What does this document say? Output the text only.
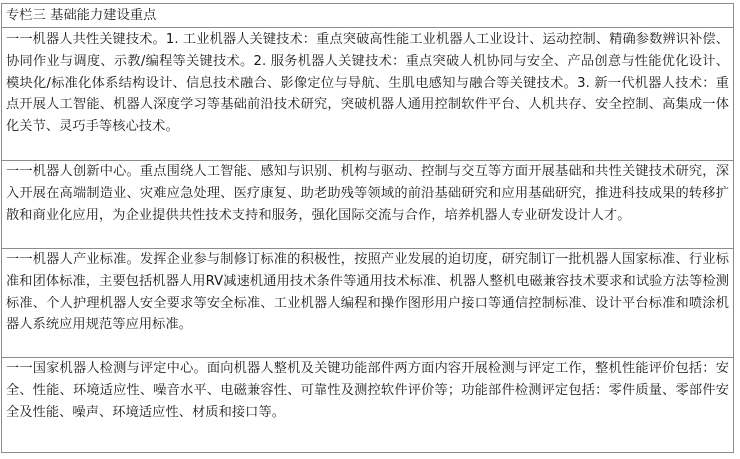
专栏三 基础能力建设重点
一一机器人共性关键技术。1. 工业机器人关键技术：重点突破高性能工业机器人工业设计、运动控制、精确参数辨识补偿、协同作业与调度、示教/编程等关键技术。2. 服务机器人关键技术：重点突破人机协同与安全、产品创意与性能优化设计、模块化/标准化体系结构设计、信息技术融合、影像定位与导航、生肌电感知与融合等关键技术。3. 新一代机器人技术：重点开展人工智能、机器人深度学习等基础前沿技术研究，突破机器人通用控制软件平台、人机共存、安全控制、高集成一体化关节、灵巧手等核心技术。
一一机器人创新中心。重点围绕人工智能、感知与识别、机构与驱动、控制与交互等方面开展基础和共性关键技术研究，深入开展在高端制造业、灾难应急处理、医疗康复、助老助残等领域的前沿基础研究和应用基础研究，推进科技成果的转移扩散和商业化应用，为企业提供共性技术支持和服务，强化国际交流与合作，培养机器人专业研发设计人才。
一一机器人产业标准。发挥企业参与制修订标准的积极性，按照产业发展的迫切度，研究制订一批机器人国家标准、行业标准和团体标准，主要包括机器人用RV减速机通用技术条件等通用技术标准、机器人整机电磁兼容技术要求和试验方法等检测标准、个人护理机器人安全要求等安全标准、工业机器人编程和操作图形用户接口等通信控制标准、设计平台标准和喷涂机器人系统应用规范等应用标准。
一一国家机器人检测与评定中心。面向机器人整机及关键功能部件两方面内容开展检测与评定工作，整机性能评价包括：安全、性能、环境适应性、噪音水平、电磁兼容性、可靠性及测控软件评价等；功能部件检测评定包括：零件质量、零部件安全及性能、噪声、环境适应性、材质和接口等。
